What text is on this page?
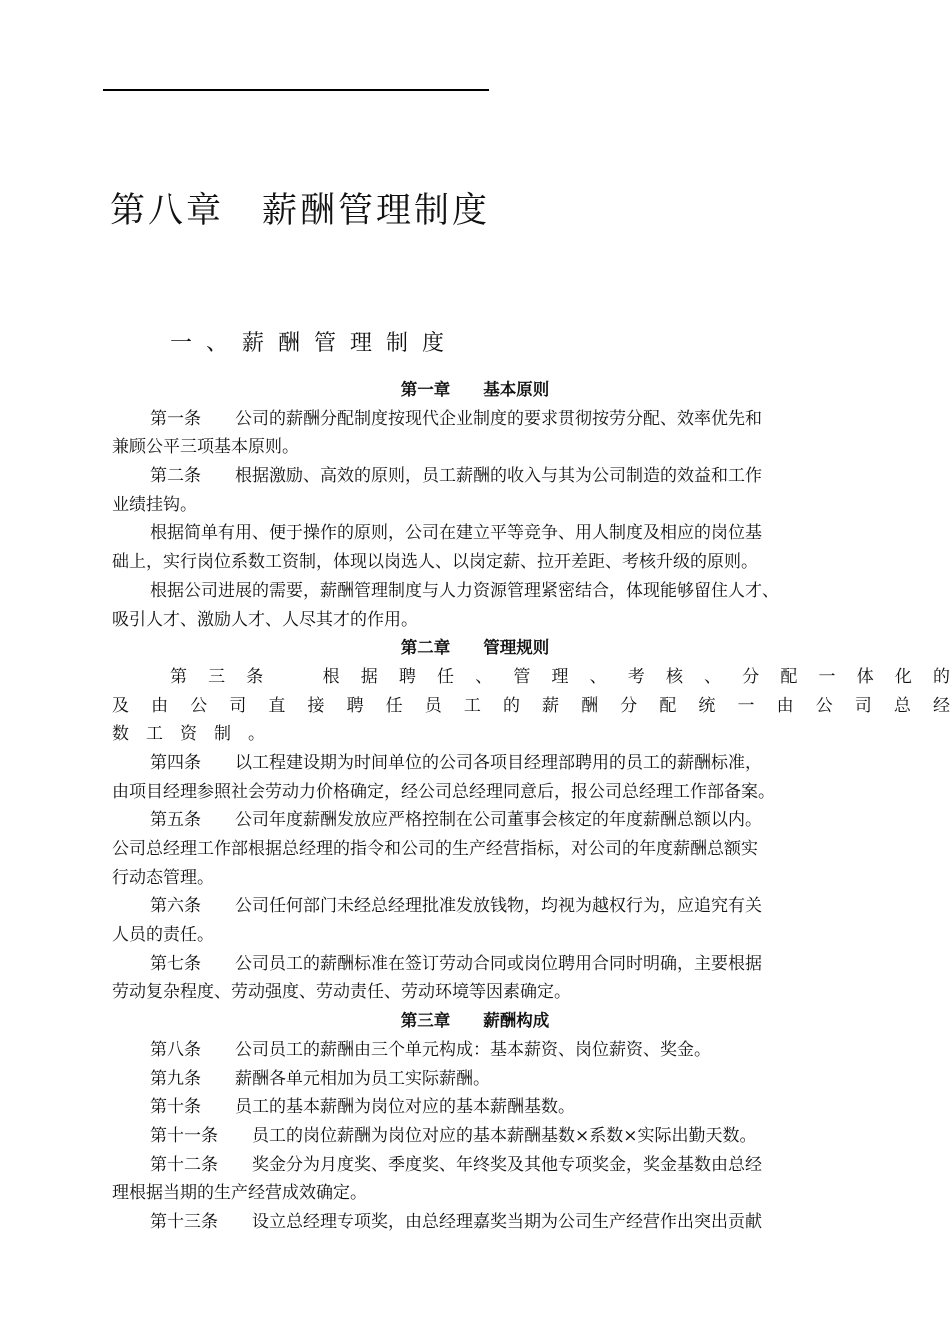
第八章　薪酬管理制度
一、薪酬管理制度
第一章　　基本原则
第一条　　公司的薪酬分配制度按现代企业制度的要求贯彻按劳分配、效率优先和
兼顾公平三项基本原则。
第二条　　根据激励、高效的原则，员工薪酬的收入与其为公司制造的效益和工作
业绩挂钩。
根据简单有用、便于操作的原则，公司在建立平等竞争、用人制度及相应的岗位基
础上，实行岗位系数工资制，体现以岗选人、以岗定薪、拉开差距、考核升级的原则。
根据公司进展的需要，薪酬管理制度与人力资源管理紧密结合，体现能够留住人才、
吸引人才、激励人才、人尽其才的作用。
第二章　　管理规则
第 三 条 　 根 据 聘 任 、 管 理 、 考 核 、 分 配 一 体 化 的
及 由 公 司 直 接 聘 任 员 工 的 薪 酬 分 配 统 一 由 公 司 总 经
数　工　资　制　。
第四条　　以工程建设期为时间单位的公司各项目经理部聘用的员工的薪酬标准，
由项目经理参照社会劳动力价格确定，经公司总经理同意后，报公司总经理工作部备案。
第五条　　公司年度薪酬发放应严格控制在公司董事会核定的年度薪酬总额以内。
公司总经理工作部根据总经理的指令和公司的生产经营指标，对公司的年度薪酬总额实
行动态管理。
第六条　　公司任何部门未经总经理批准发放钱物，均视为越权行为，应追究有关
人员的责任。
第七条　　公司员工的薪酬标准在签订劳动合同或岗位聘用合同时明确，主要根据
劳动复杂程度、劳动强度、劳动责任、劳动环境等因素确定。
第三章　　薪酬构成
第八条　　公司员工的薪酬由三个单元构成：基本薪资、岗位薪资、奖金。
第九条　　薪酬各单元相加为员工实际薪酬。
第十条　　员工的基本薪酬为岗位对应的基本薪酬基数。
第十一条　　员工的岗位薪酬为岗位对应的基本薪酬基数×系数×实际出勤天数。
第十二条　　奖金分为月度奖、季度奖、年终奖及其他专项奖金，奖金基数由总经
理根据当期的生产经营成效确定。
第十三条　　设立总经理专项奖，由总经理嘉奖当期为公司生产经营作出突出贡献
